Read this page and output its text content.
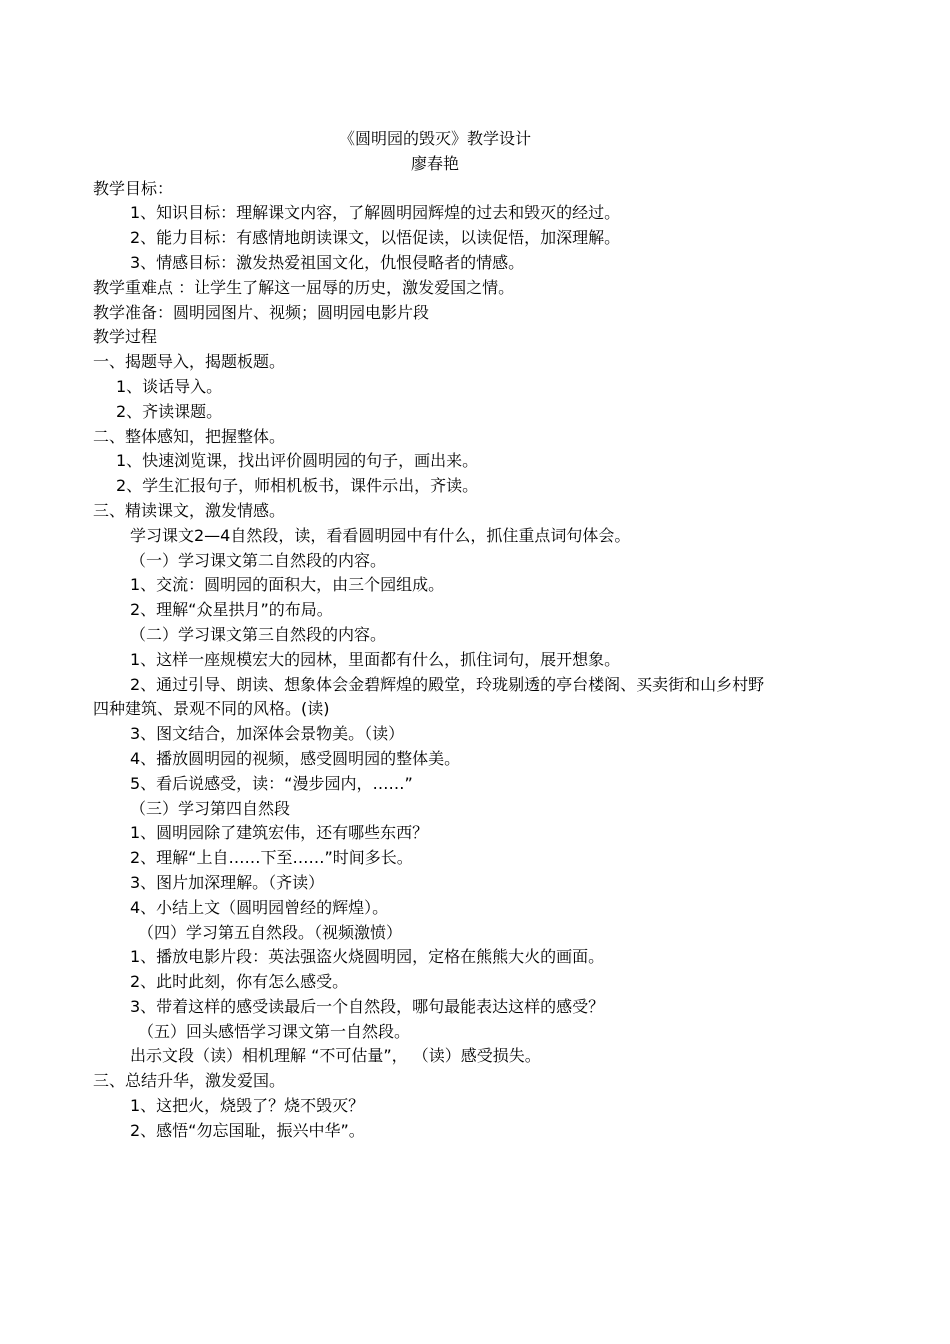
《圆明园的毁灭》教学设计
廖春艳
教学目标：
1、知识目标：理解课文内容，了解圆明园辉煌的过去和毁灭的经过。
2、能力目标：有感情地朗读课文，以悟促读，以读促悟，加深理解。
3、情感目标：激发热爱祖国文化，仇恨侵略者的情感。
教学重难点 ：让学生了解这一屈辱的历史，激发爱国之情。
教学准备：圆明园图片、视频；圆明园电影片段
教学过程
一、揭题导入，揭题板题。
1、谈话导入。
2、齐读课题。
二、整体感知，把握整体。
1、快速浏览课，找出评价圆明园的句子，画出来。
2、学生汇报句子，师相机板书，课件示出，齐读。
三、精读课文，激发情感。
学习课文2—4自然段，读，看看圆明园中有什么，抓住重点词句体会。
（一）学习课文第二自然段的内容。
1、交流：圆明园的面积大，由三个园组成。
2、理解“众星拱月”的布局。
（二）学习课文第三自然段的内容。
1、这样一座规模宏大的园林，里面都有什么，抓住词句，展开想象。
2、通过引导、朗读、想象体会金碧辉煌的殿堂，玲珑剔透的亭台楼阁、买卖街和山乡村野
四种建筑、景观不同的风格。(读)
3、图文结合，加深体会景物美。（读）
4、播放圆明园的视频，感受圆明园的整体美。
5、看后说感受，读：“漫步园内，……”
（三）学习第四自然段
1、圆明园除了建筑宏伟，还有哪些东西？
2、理解“上自……下至……”时间多长。
3、图片加深理解。（齐读）
4、小结上文（圆明园曾经的辉煌）。
（四）学习第五自然段。（视频激愤）
1、播放电影片段：英法强盗火烧圆明园，定格在熊熊大火的画面。
2、此时此刻，你有怎么感受。
3、带着这样的感受读最后一个自然段，哪句最能表达这样的感受？
（五）回头感悟学习课文第一自然段。
出示文段（读）相机理解 “不可估量”， （读）感受损失。
三、总结升华，激发爱国。
1、这把火，烧毁了？烧不毁灭？
2、感悟“勿忘国耻，振兴中华”。
